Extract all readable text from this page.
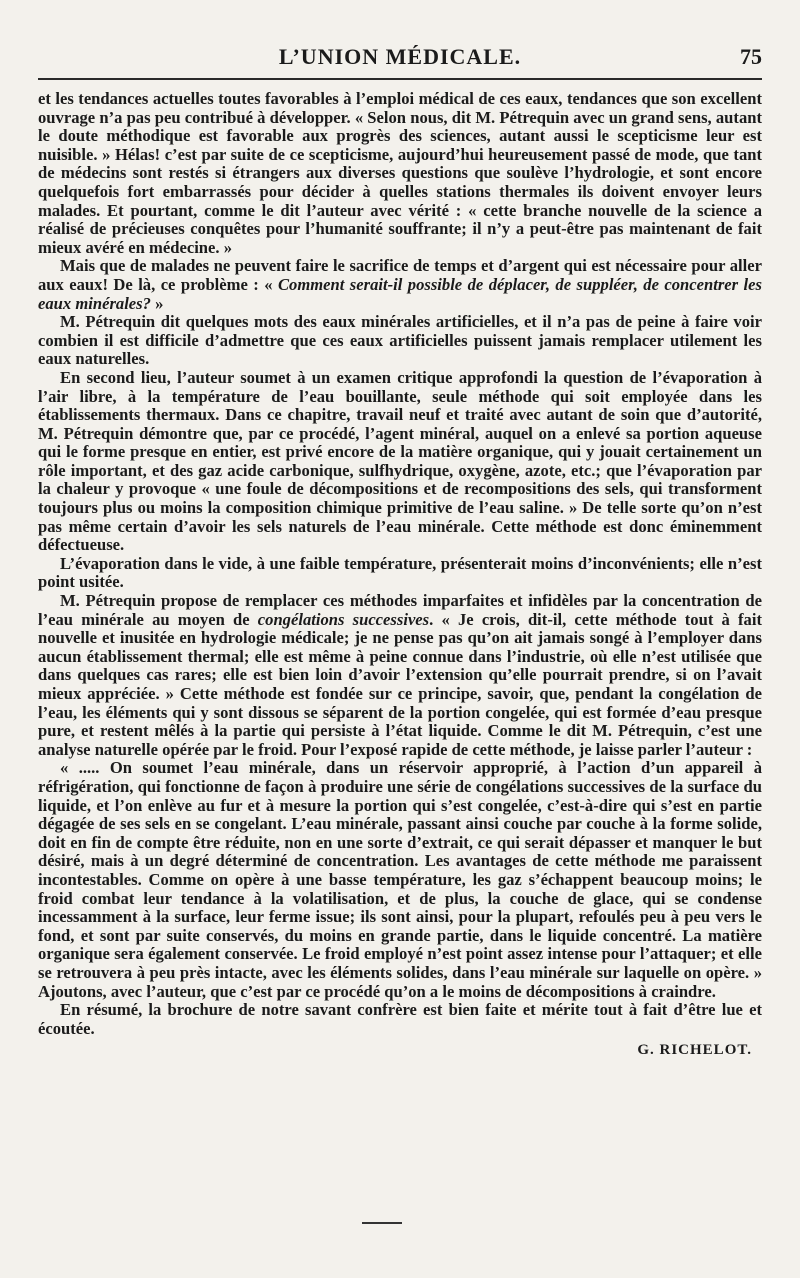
L’UNION MÉDICALE.	75

et les tendances actuelles toutes favorables à l’emploi médical de ces eaux, tendances que son excellent ouvrage n’a pas peu contribué à développer. « Selon nous, dit M. Pétrequin avec un grand sens, autant le doute méthodique est favorable aux progrès des sciences, autant aussi le scepticisme leur est nuisible. » Hélas! c’est par suite de ce scepticisme, aujourd’hui heureusement passé de mode, que tant de médecins sont restés si étrangers aux diverses questions que soulève l’hydrologie, et sont encore quelquefois fort embarrassés pour décider à quelles stations thermales ils doivent envoyer leurs malades. Et pourtant, comme le dit l’auteur avec vérité : « cette branche nouvelle de la science a réalisé de précieuses conquêtes pour l’humanité souffrante; il n’y a peut-être pas maintenant de fait mieux avéré en médecine. »

Mais que de malades ne peuvent faire le sacrifice de temps et d’argent qui est nécessaire pour aller aux eaux! De là, ce problème : « Comment serait-il possible de déplacer, de suppléer, de concentrer les eaux minérales? »

M. Pétrequin dit quelques mots des eaux minérales artificielles, et il n’a pas de peine à faire voir combien il est difficile d’admettre que ces eaux artificielles puissent jamais remplacer utilement les eaux naturelles.

En second lieu, l’auteur soumet à un examen critique approfondi la question de l’évaporation à l’air libre, à la température de l’eau bouillante, seule méthode qui soit employée dans les établissements thermaux. Dans ce chapitre, travail neuf et traité avec autant de soin que d’autorité, M. Pétrequin démontre que, par ce procédé, l’agent minéral, auquel on a enlevé sa portion aqueuse qui le forme presque en entier, est privé encore de la matière organique, qui y jouait certainement un rôle important, et des gaz acide carbonique, sulfhydrique, oxygène, azote, etc.; que l’évaporation par la chaleur y provoque « une foule de décompositions et de recompositions des sels, qui transforment toujours plus ou moins la composition chimique primitive de l’eau saline. » De telle sorte qu’on n’est pas même certain d’avoir les sels naturels de l’eau minérale. Cette méthode est donc éminemment défectueuse.

L’évaporation dans le vide, à une faible température, présenterait moins d’inconvénients; elle n’est point usitée.

M. Pétrequin propose de remplacer ces méthodes imparfaites et infidèles par la concentration de l’eau minérale au moyen de congélations successives. « Je crois, dit-il, cette méthode tout à fait nouvelle et inusitée en hydrologie médicale; je ne pense pas qu’on ait jamais songé à l’employer dans aucun établissement thermal; elle est même à peine connue dans l’industrie, où elle n’est utilisée que dans quelques cas rares; elle est bien loin d’avoir l’extension qu’elle pourrait prendre, si on l’avait mieux appréciée. » Cette méthode est fondée sur ce principe, savoir, que, pendant la congélation de l’eau, les éléments qui y sont dissous se séparent de la portion congelée, qui est formée d’eau presque pure, et restent mêlés à la partie qui persiste à l’état liquide. Comme le dit M. Pétrequin, c’est une analyse naturelle opérée par le froid. Pour l’exposé rapide de cette méthode, je laisse parler l’auteur :

« ..... On soumet l’eau minérale, dans un réservoir approprié, à l’action d’un appareil à réfrigération, qui fonctionne de façon à produire une série de congélations successives de la surface du liquide, et l’on enlève au fur et à mesure la portion qui s’est congelée, c’est-à-dire qui s’est en partie dégagée de ses sels en se congelant. L’eau minérale, passant ainsi couche par couche à la forme solide, doit en fin de compte être réduite, non en une sorte d’extrait, ce qui serait dépasser et manquer le but désiré, mais à un degré déterminé de concentration. Les avantages de cette méthode me paraissent incontestables. Comme on opère à une basse température, les gaz s’échappent beaucoup moins; le froid combat leur tendance à la volatilisation, et de plus, la couche de glace, qui se condense incessamment à la surface, leur ferme issue; ils sont ainsi, pour la plupart, refoulés peu à peu vers le fond, et sont par suite conservés, du moins en grande partie, dans le liquide concentré. La matière organique sera également conservée. Le froid employé n’est point assez intense pour l’attaquer; et elle se retrouvera à peu près intacte, avec les éléments solides, dans l’eau minérale sur laquelle on opère. » Ajoutons, avec l’auteur, que c’est par ce procédé qu’on a le moins de décompositions à craindre.

En résumé, la brochure de notre savant confrère est bien faite et mérite tout à fait d’être lue et écoutée.

G. RICHELOT.
